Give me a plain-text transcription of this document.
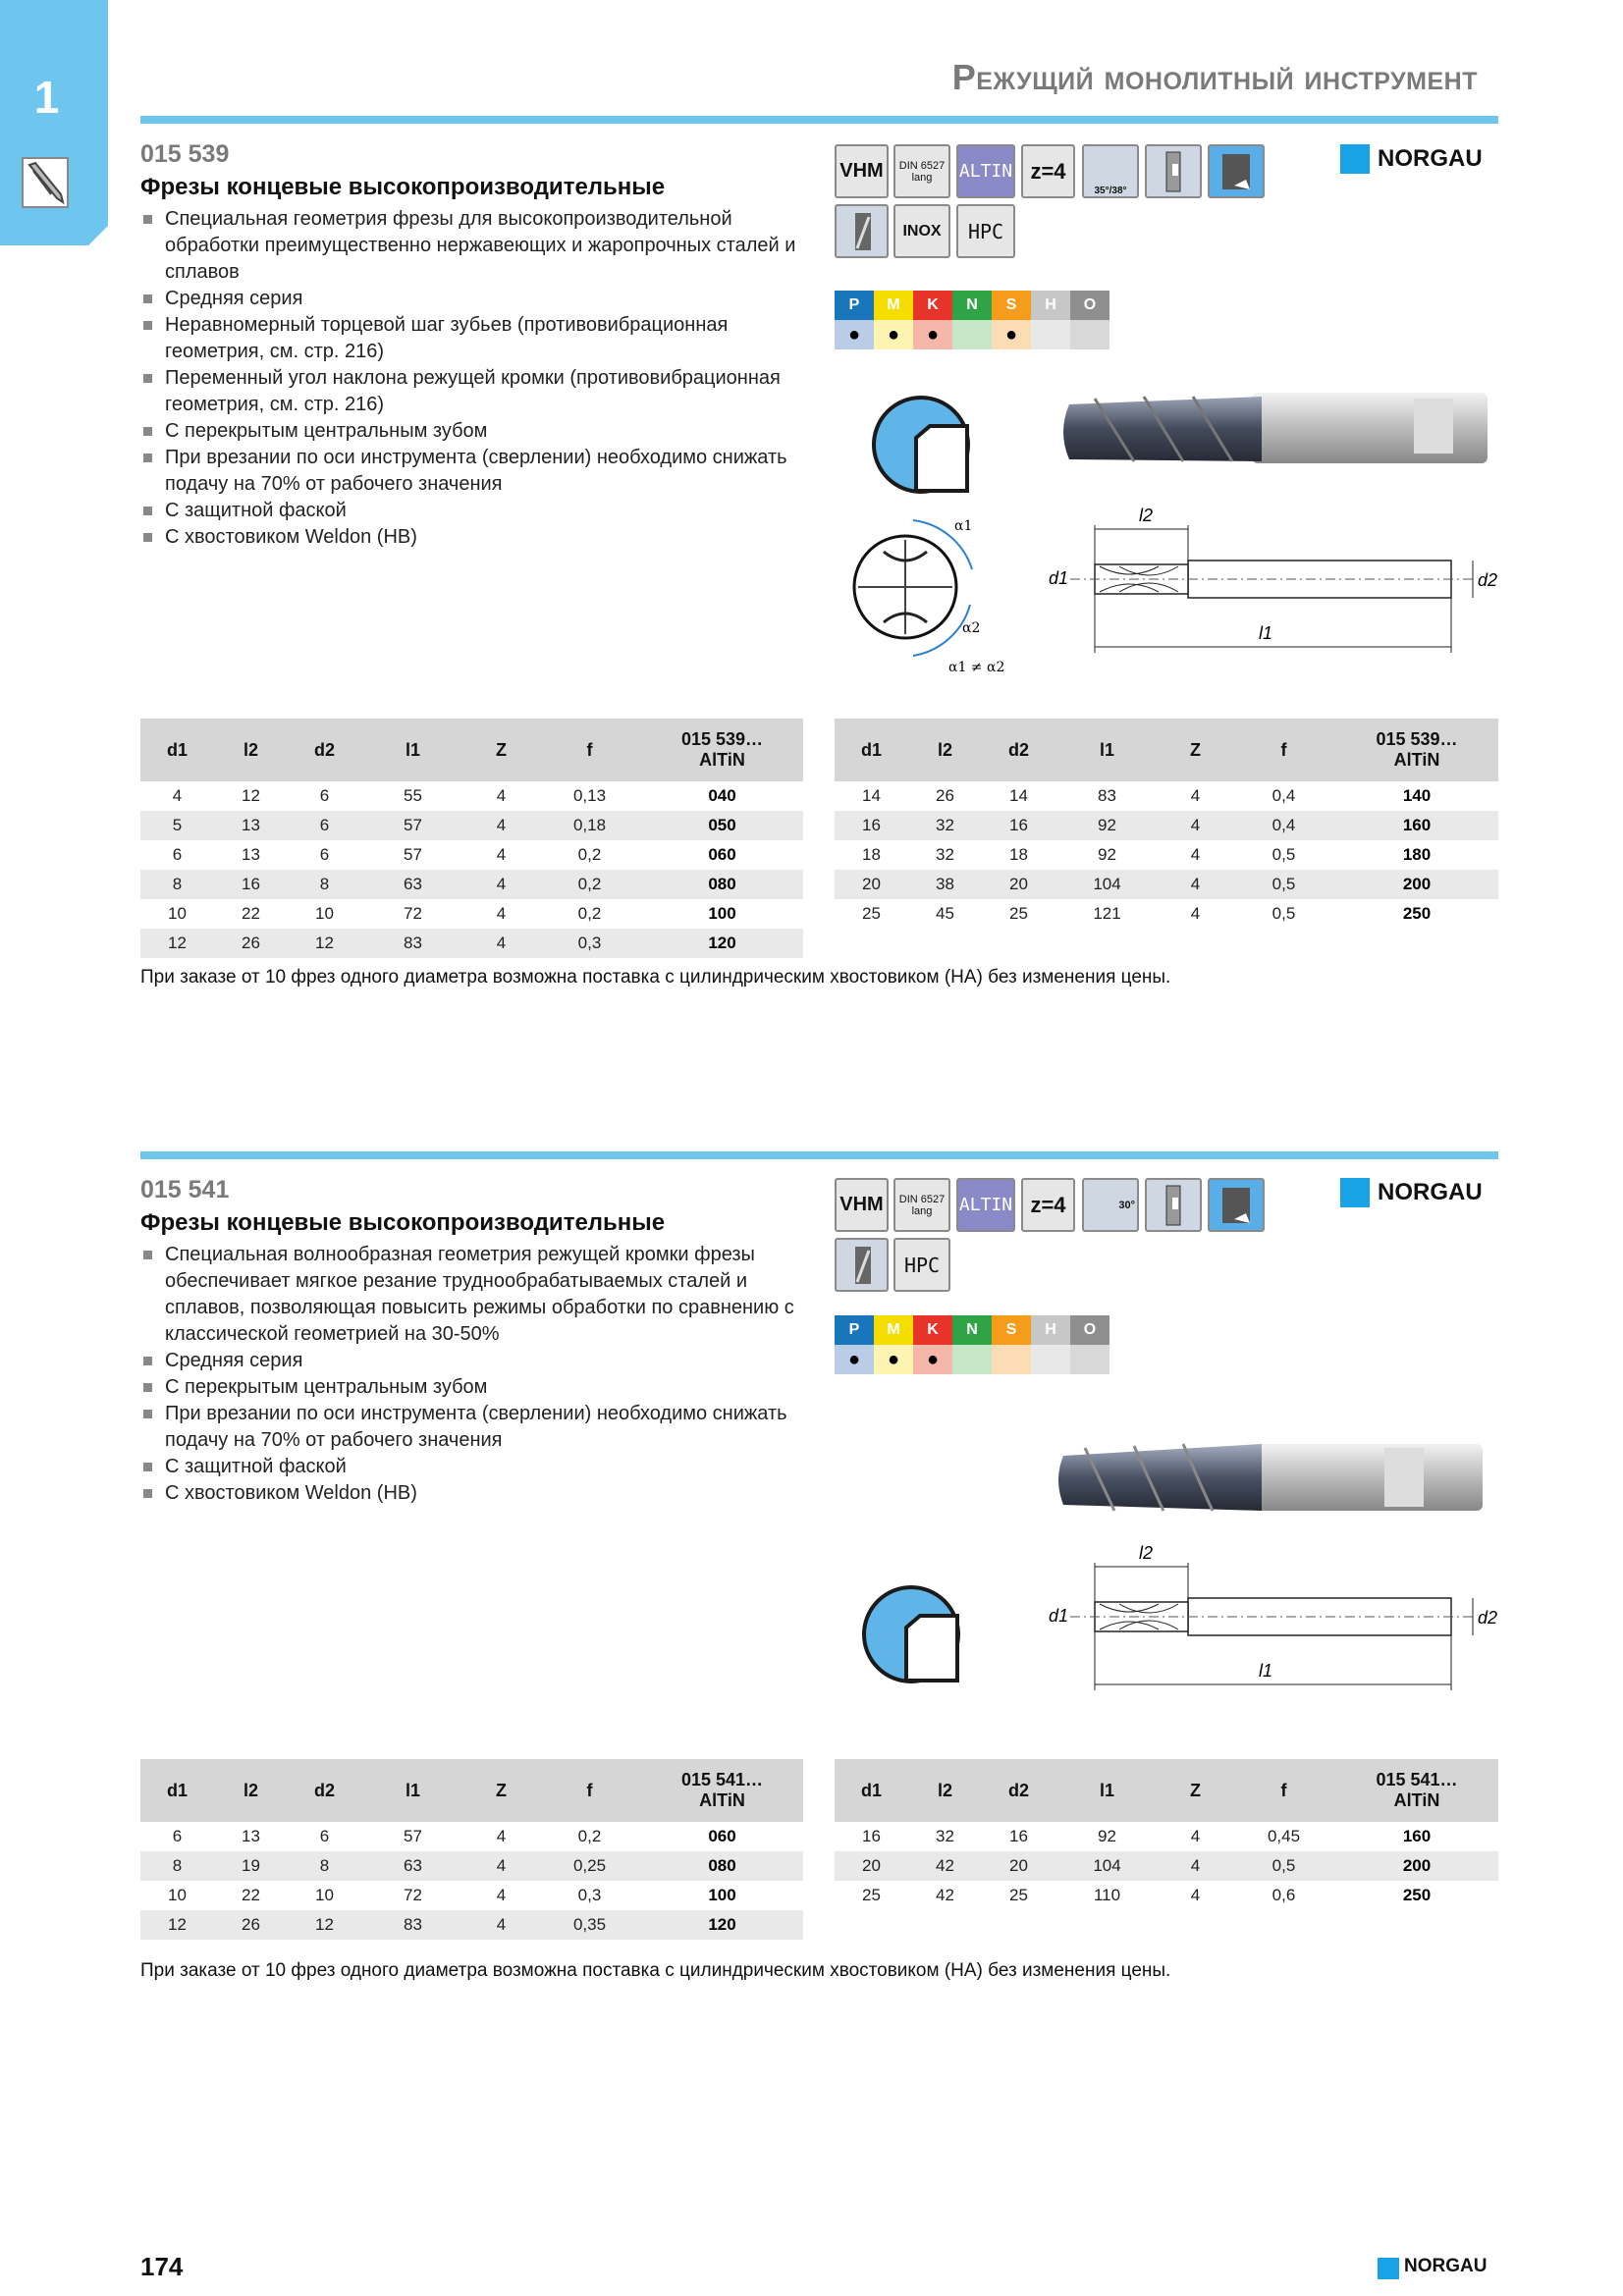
1	Режущий монолитный инструмент
015 539
Фрезы концевые высокопроизводительные
Специальная геометрия фрезы для высокопроизводительной обработки преимущественно нержавеющих и жаропрочных сталей и сплавов
Средняя серия
Неравномерный торцевой шаг зубьев (противовибрационная геометрия, см. стр. 216)
Переменный угол наклона режущей кромки (противовибрационная геометрия, см. стр. 216)
С перекрытым центральным зубом
При врезании по оси инструмента (сверлении) необходимо снижать подачу на 70% от рабочего значения
С защитной фаской
С хвостовиком Weldon (HB)
VHM	DIN 6527 lang	ALTIN z=4
35°/38°
INOX	HPC
NORGAU
P	M	K	N	S	H	O
●	●	●	●
α1
α2
α1 ≠ α2
l2
d1	d2
l1
d1	l2	d2	l1	Z	f	015 539… AlTiN
4	12	6	55	4	0,13	040
5	13	6	57	4	0,18	050
6	13	6	57	4	0,2	060
8	16	8	63	4	0,2	080
10	22	10	72	4	0,2	100
12	26	12	83	4	0,3	120
d1	l2	d2	l1	Z	f	015 539… AlTiN
14	26	14	83	4	0,4	140
16	32	16	92	4	0,4	160
18	32	18	92	4	0,5	180
20	38	20	104	4	0,5	200
25	45	25	121	4	0,5	250
При заказе от 10 фрез одного диаметра возможна поставка с цилиндрическим хвостовиком (HA) без изменения цены.
015 541
Фрезы концевые высокопроизводительные
Специальная волнообразная геометрия режущей кромки фрезы обеспечивает мягкое резание труднообрабатываемых сталей и сплавов, позволяющая повысить режимы обработки по сравнению с классической геометрией на 30-50%
Средняя серия
С перекрытым центральным зубом
При врезании по оси инструмента (сверлении) необходимо снижать подачу на 70% от рабочего значения
С защитной фаской
С хвостовиком Weldon (HB)
VHM	DIN 6527 lang	ALTIN z=4	30°
HPC
NORGAU
P	M	K	N	S	H	O
●	●	●
l2
d1	d2
l1
d1	l2	d2	l1	Z	f	015 541… AlTiN
6	13	6	57	4	0,2	060
8	19	8	63	4	0,25	080
10	22	10	72	4	0,3	100
12	26	12	83	4	0,35	120
d1	l2	d2	l1	Z	f	015 541… AlTiN
16	32	16	92	4	0,45	160
20	42	20	104	4	0,5	200
25	42	25	110	4	0,6	250
При заказе от 10 фрез одного диаметра возможна поставка с цилиндрическим хвостовиком (HA) без изменения цены.
174	NORGAU
